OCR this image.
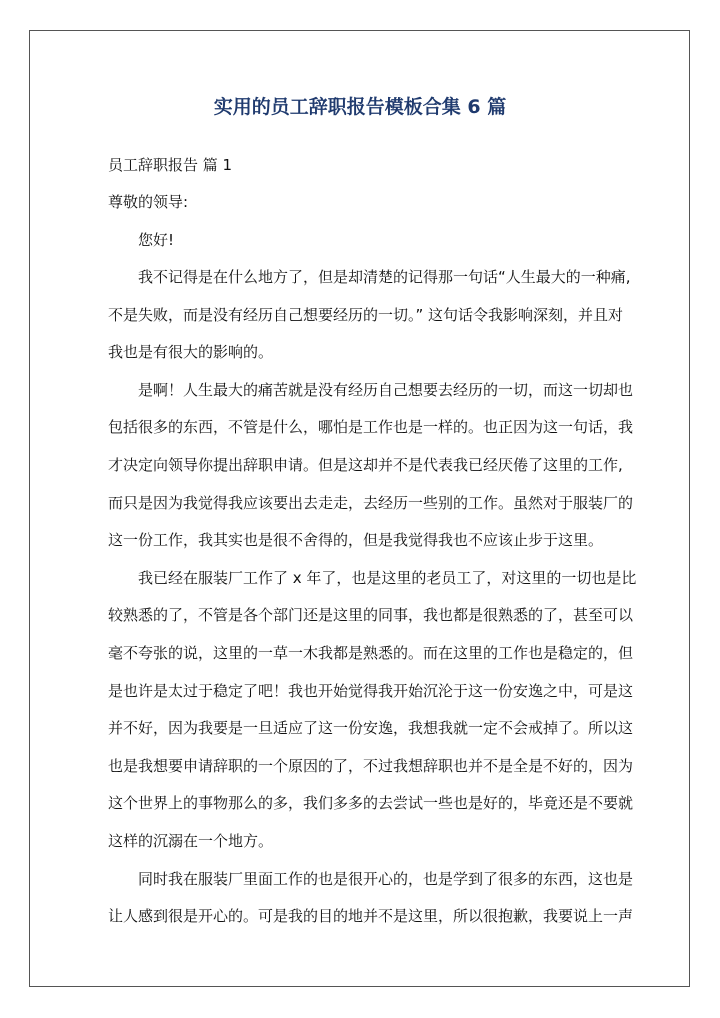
实用的员工辞职报告模板合集 6 篇
员工辞职报告 篇 1
尊敬的领导:
您好!
我不记得是在什么地方了，但是却清楚的记得那一句话“人生最大的一种痛,
不是失败，而是没有经历自己想要经历的一切。” 这句话令我影响深刻，并且对
我也是有很大的影响的。
是啊！人生最大的痛苦就是没有经历自己想要去经历的一切，而这一切却也
包括很多的东西，不管是什么，哪怕是工作也是一样的。也正因为这一句话，我
才决定向领导你提出辞职申请。但是这却并不是代表我已经厌倦了这里的工作,
而只是因为我觉得我应该要出去走走，去经历一些别的工作。虽然对于服装厂的
这一份工作，我其实也是很不舍得的，但是我觉得我也不应该止步于这里。
我已经在服装厂工作了 x 年了，也是这里的老员工了，对这里的一切也是比
较熟悉的了，不管是各个部门还是这里的同事，我也都是很熟悉的了，甚至可以
毫不夸张的说，这里的一草一木我都是熟悉的。而在这里的工作也是稳定的，但
是也许是太过于稳定了吧！我也开始觉得我开始沉沦于这一份安逸之中，可是这
并不好，因为我要是一旦适应了这一份安逸，我想我就一定不会戒掉了。所以这
也是我想要申请辞职的一个原因的了，不过我想辞职也并不是全是不好的，因为
这个世界上的事物那么的多，我们多多的去尝试一些也是好的，毕竟还是不要就
这样的沉溺在一个地方。
同时我在服装厂里面工作的也是很开心的，也是学到了很多的东西，这也是
让人感到很是开心的。可是我的目的地并不是这里，所以很抱歉，我要说上一声
